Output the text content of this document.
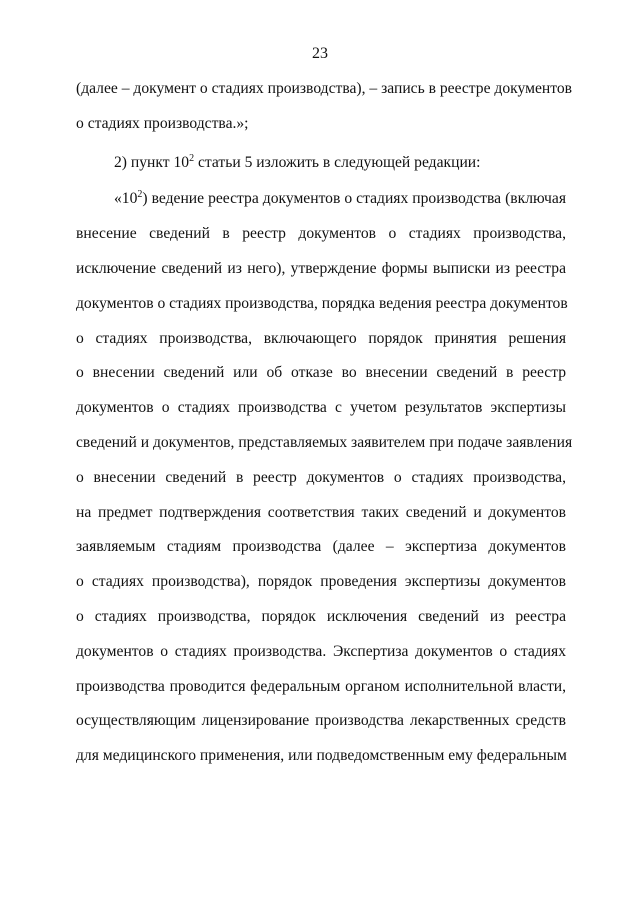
23
(далее – документ о стадиях производства), – запись в реестре документов
о стадиях производства.»;
2) пункт $10^2$ статьи 5 изложить в следующей редакции:
«$10^2$) ведение реестра документов о стадиях производства (включая
внесение сведений в реестр документов о стадиях производства,
исключение сведений из него), утверждение формы выписки из реестра
документов о стадиях производства, порядка ведения реестра документов
о стадиях производства, включающего порядок принятия решения
о внесении сведений или об отказе во внесении сведений в реестр
документов о стадиях производства с учетом результатов экспертизы
сведений и документов, представляемых заявителем при подаче заявления
о внесении сведений в реестр документов о стадиях производства,
на предмет подтверждения соответствия таких сведений и документов
заявляемым стадиям производства (далее – экспертиза документов
о стадиях производства), порядок проведения экспертизы документов
о стадиях производства, порядок исключения сведений из реестра
документов о стадиях производства. Экспертиза документов о стадиях
производства проводится федеральным органом исполнительной власти,
осуществляющим лицензирование производства лекарственных средств
для медицинского применения, или подведомственным ему федеральным
